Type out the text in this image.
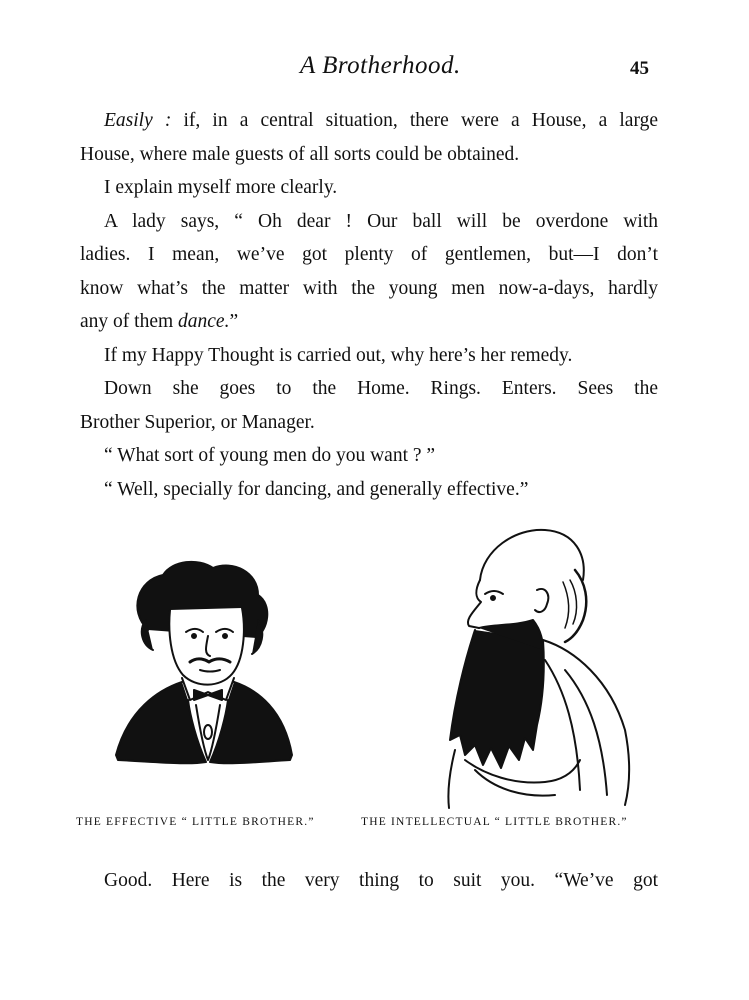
A Brotherhood.	45
Easily : if, in a central situation, there were a House, a large
House, where male guests of all sorts could be obtained.
I explain myself more clearly.
A lady says, “ Oh dear ! Our ball will be overdone with
ladies. I mean, we’ve got plenty of gentlemen, but—I don’t
know what’s the matter with the young men now-a-days, hardly
any of them dance.”
If my Happy Thought is carried out, why here’s her remedy.
Down she goes to the Home. Rings. Enters. Sees the
Brother Superior, or Manager.
“ What sort of young men do you want ? ”
“ Well, specially for dancing, and generally effective.”
THE EFFECTIVE “ LITTLE BROTHER.”	THE INTELLECTUAL “ LITTLE BROTHER.”
Good. Here is the very thing to suit you. “We’ve got
